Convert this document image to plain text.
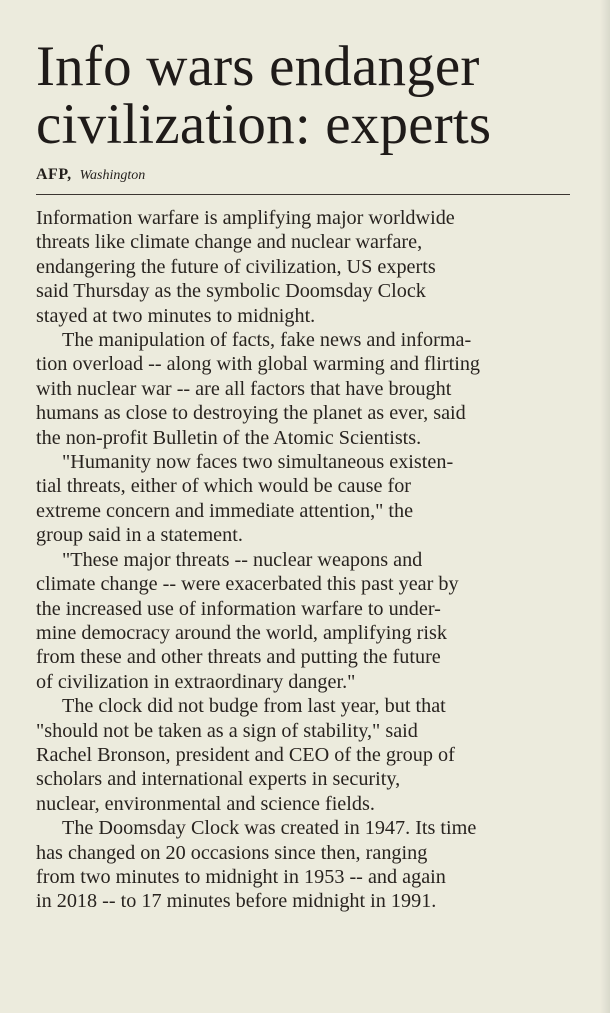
Info wars endanger
civilization: experts
AFP, Washington

Information warfare is amplifying major worldwide
threats like climate change and nuclear warfare,
endangering the future of civilization, US experts
said Thursday as the symbolic Doomsday Clock
stayed at two minutes to midnight.

The manipulation of facts, fake news and informa-
tion overload -- along with global warming and flirting
with nuclear war -- are all factors that have brought
humans as close to destroying the planet as ever, said
the non-profit Bulletin of the Atomic Scientists.

"Humanity now faces two simultaneous existen-
tial threats, either of which would be cause for
extreme concern and immediate attention," the
group said in a statement.

"These major threats -- nuclear weapons and
climate change -- were exacerbated this past year by
the increased use of information warfare to under-
mine democracy around the world, amplifying risk
from these and other threats and putting the future
of civilization in extraordinary danger."

The clock did not budge from last year, but that
"should not be taken as a sign of stability," said
Rachel Bronson, president and CEO of the group of
scholars and international experts in security,
nuclear, environmental and science fields.

The Doomsday Clock was created in 1947. Its time
has changed on 20 occasions since then, ranging
from two minutes to midnight in 1953 -- and again
in 2018 -- to 17 minutes before midnight in 1991.
